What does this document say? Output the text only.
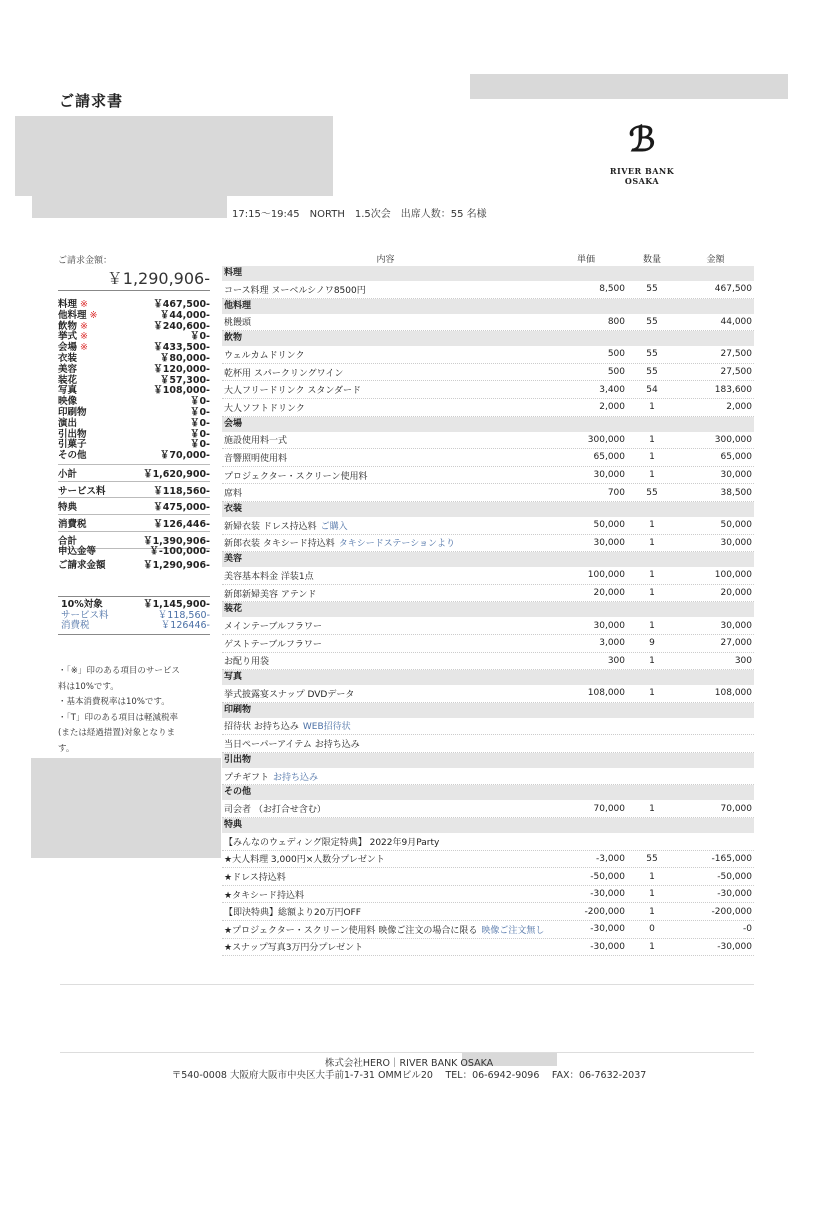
ご請求書
ℬ
RIVER BANK OSAKA
17:15〜19:45　NORTH　1.5次会　出席人数：55 名様
ご請求金額：
￥1,290,906-
料理 ※	￥467,500-
他料理 ※	￥44,000-
飲物 ※	￥240,600-
挙式 ※	￥0-
会場 ※	￥433,500-
衣装	￥80,000-
美容	￥120,000-
装花	￥57,300-
写真	￥108,000-
映像	￥0-
印刷物	￥0-
演出	￥0-
引出物	￥0-
引菓子	￥0-
その他	￥70,000-
小計	￥1,620,900-
サービス料	￥118,560-
特典	￥475,000-
消費税	￥126,446-
合計	￥1,390,906-
申込金等	￥-100,000-
ご請求金額	￥1,290,906-
10%対象	￥1,145,900-
サービス料	￥118,560-
消費税	￥126446-
・「※」印のある項目のサービス
料は10%です。
・基本消費税率は10%です。
・「T」印のある項目は軽減税率
(または経過措置)対象となりま
す。
内容	単価	数量	金額
料理
コース料理 ヌーベルシノワ8500円	8,500	55	467,500
他料理
桃饅頭	800	55	44,000
飲物
ウェルカムドリンク	500	55	27,500
乾杯用 スパークリングワイン	500	55	27,500
大人フリードリンク スタンダード	3,400	54	183,600
大人ソフトドリンク	2,000	1	2,000
会場
施設使用料一式	300,000	1	300,000
音響照明使用料	65,000	1	65,000
プロジェクター・スクリーン使用料	30,000	1	30,000
席料	700	55	38,500
衣装
新婦衣装 ドレス持込料 ご購入	50,000	1	50,000
新郎衣装 タキシード持込料 タキシードステーションより	30,000	1	30,000
美容
美容基本料金 洋装1点	100,000	1	100,000
新郎新婦美容 アテンド	20,000	1	20,000
装花
メインテーブルフラワー	30,000	1	30,000
ゲストテーブルフラワー	3,000	9	27,000
お配り用袋	300	1	300
写真
挙式披露宴スナップ DVDデータ	108,000	1	108,000
印刷物
招待状 お持ち込み WEB招待状
当日ペーパーアイテム お持ち込み
引出物
プチギフト お持ち込み
その他
司会者 （お打合せ含む）	70,000	1	70,000
特典
【みんなのウェディング限定特典】 2022年9月Party
★大人料理 3,000円×人数分プレゼント	-3,000	55	-165,000
★ドレス持込料	-50,000	1	-50,000
★タキシード持込料	-30,000	1	-30,000
【即決特典】総額より20万円OFF	-200,000	1	-200,000
★プロジェクター・スクリーン使用料 映像ご注文の場合に限る 映像ご注文無し	-30,000	0	-0
★スナップ写真3万円分プレゼント	-30,000	1	-30,000
株式会社HERO｜RIVER BANK OSAKA
〒540-0008 大阪府大阪市中央区大手前1-7-31 OMMビル20　 TEL：06-6942-9096　 FAX：06-7632-2037
